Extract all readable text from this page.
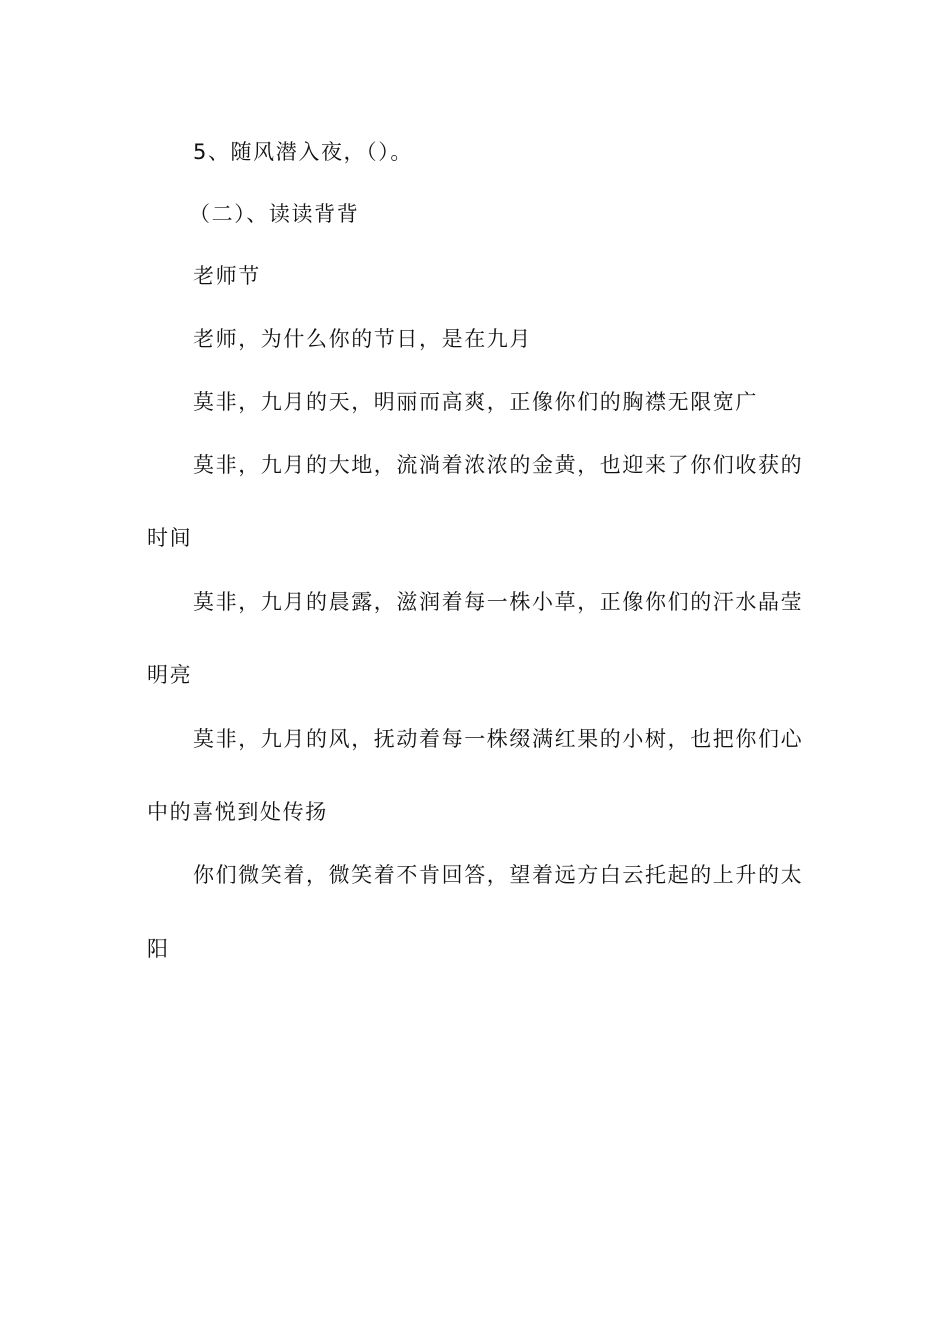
5、随风潜入夜，（）。
（二）、读读背背
老师节
老师，为什么你的节日，是在九月
莫非，九月的天，明丽而高爽，正像你们的胸襟无限宽广
莫非，九月的大地，流淌着浓浓的金黄，也迎来了你们收获的
时间
莫非，九月的晨露，滋润着每一株小草，正像你们的汗水晶莹
明亮
莫非，九月的风，抚动着每一株缀满红果的小树，也把你们心
中的喜悦到处传扬
你们微笑着，微笑着不肯回答，望着远方白云托起的上升的太
阳
